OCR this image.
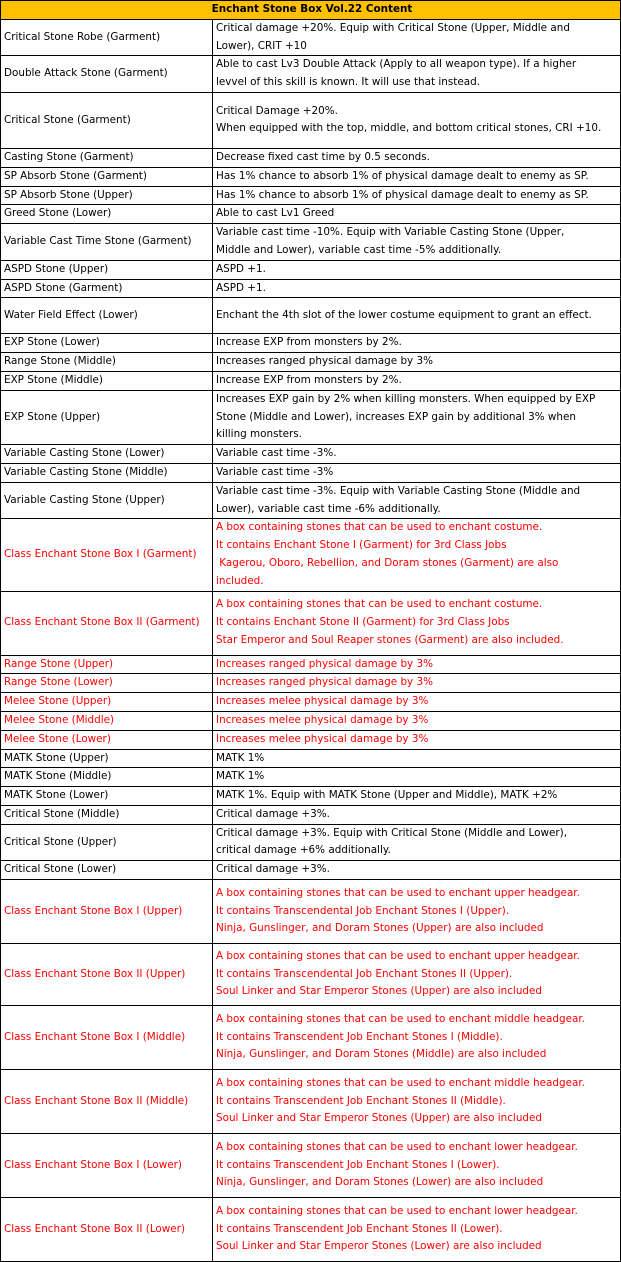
Enchant Stone Box Vol.22 Content	
Critical Stone Robe (Garment)	Critical damage +20%. Equip with Critical Stone (Upper, Middle and
Lower), CRIT +10

Double Attack Stone (Garment)	Able to cast Lv3 Double Attack (Apply to all weapon type). If a higher
levvel of this skill is known. It will use that instead.

Critical Stone (Garment)	Critical Damage +20%.
When equipped with the top, middle, and bottom critical stones, CRI +10.

Casting Stone (Garment)	Decrease fixed cast time by 0.5 seconds.

SP Absorb Stone (Garment)	Has 1% chance to absorb 1% of physical damage dealt to enemy as SP.

SP Absorb Stone (Upper)	Has 1% chance to absorb 1% of physical damage dealt to enemy as SP.

Greed Stone (Lower)	Able to cast Lv1 Greed

Variable Cast Time Stone (Garment)	Variable cast time -10%. Equip with Variable Casting Stone (Upper,
Middle and Lower), variable cast time -5% additionally.

ASPD Stone (Upper)	ASPD +1.

ASPD Stone (Garment)	ASPD +1.

Water Field Effect (Lower)	Enchant the 4th slot of the lower costume equipment to grant an effect.

EXP Stone (Lower)	Increase EXP from monsters by 2%.

Range Stone (Middle)	Increases ranged physical damage by 3%

EXP Stone (Middle)	Increase EXP from monsters by 2%.

EXP Stone (Upper)	Increases EXP gain by 2% when killing monsters. When equipped by EXP
Stone (Middle and Lower), increases EXP gain by additional 3% when
killing monsters.

Variable Casting Stone (Lower)	Variable cast time -3%.

Variable Casting Stone (Middle)	Variable cast time -3%

Variable Casting Stone (Upper)	Variable cast time -3%. Equip with Variable Casting Stone (Middle and
Lower), variable cast time -6% additionally.

Class Enchant Stone Box I (Garment)	A box containing stones that can be used to enchant costume.
It contains Enchant Stone I (Garment) for 3rd Class Jobs
Kagerou, Oboro, Rebellion, and Doram stones (Garment) are also
included.

Class Enchant Stone Box II (Garment)	A box containing stones that can be used to enchant costume.
It contains Enchant Stone II (Garment) for 3rd Class Jobs
Star Emperor and Soul Reaper stones (Garment) are also included.

Range Stone (Upper)	Increases ranged physical damage by 3%

Range Stone (Lower)	Increases ranged physical damage by 3%

Melee Stone (Upper)	Increases melee physical damage by 3%

Melee Stone (Middle)	Increases melee physical damage by 3%

Melee Stone (Lower)	Increases melee physical damage by 3%

MATK Stone (Upper)	MATK 1%

MATK Stone (Middle)	MATK 1%

MATK Stone (Lower)	MATK 1%. Equip with MATK Stone (Upper and Middle), MATK +2%

Critical Stone (Middle)	Critical damage +3%.

Critical Stone (Upper)	Critical damage +3%. Equip with Critical Stone (Middle and Lower),
critical damage +6% additionally.

Critical Stone (Lower)	Critical damage +3%.

Class Enchant Stone Box I (Upper)	A box containing stones that can be used to enchant upper headgear.
It contains Transcendental Job Enchant Stones I (Upper).
Ninja, Gunslinger, and Doram Stones (Upper) are also included

Class Enchant Stone Box II (Upper)	A box containing stones that can be used to enchant upper headgear.
It contains Transcendental Job Enchant Stones II (Upper).
Soul Linker and Star Emperor Stones (Upper) are also included

Class Enchant Stone Box I (Middle)	A box containing stones that can be used to enchant middle headgear.
It contains Transcendent Job Enchant Stones I (Middle).
Ninja, Gunslinger, and Doram Stones (Middle) are also included

Class Enchant Stone Box II (Middle)	A box containing stones that can be used to enchant middle headgear.
It contains Transcendent Job Enchant Stones II (Middle).
Soul Linker and Star Emperor Stones (Upper) are also included

Class Enchant Stone Box I (Lower)	A box containing stones that can be used to enchant lower headgear.
It contains Transcendent Job Enchant Stones I (Lower).
Ninja, Gunslinger, and Doram Stones (Lower) are also included

Class Enchant Stone Box II (Lower)	A box containing stones that can be used to enchant lower headgear.
It contains Transcendent Job Enchant Stones II (Lower).
Soul Linker and Star Emperor Stones (Lower) are also included
